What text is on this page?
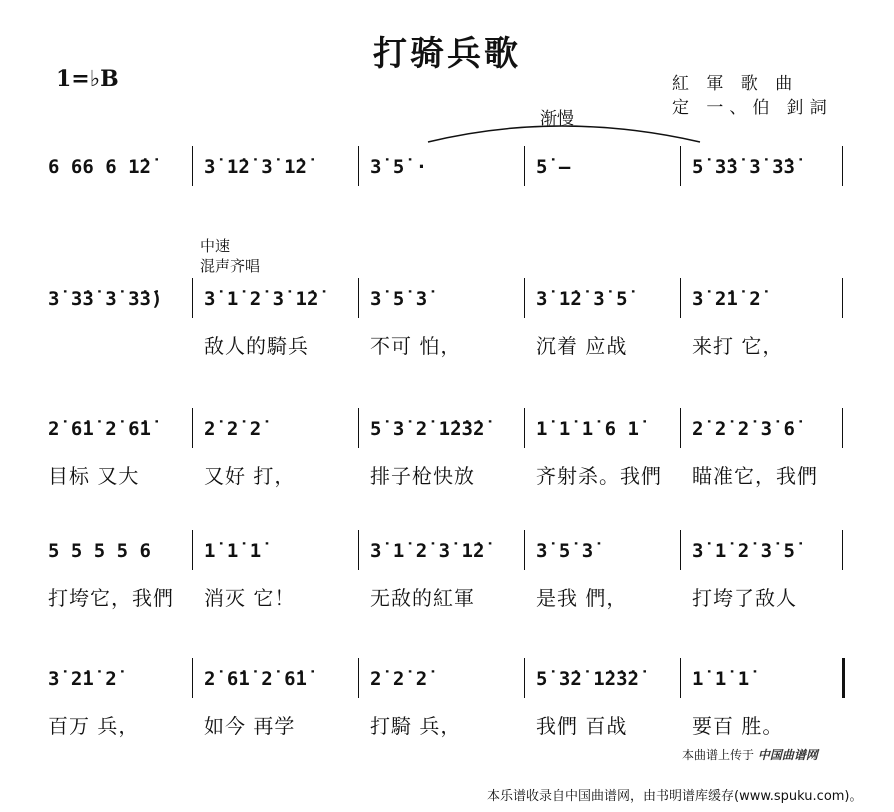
打骑兵歌
1=♭B	紅 軍 歌 曲
定 一、伯 釗詞
渐慢
中速
混声齐唱
6 66 6 1̇2̇	3̇ 1̇2̇ 3̇ 1̇2̇	3̇ 5̇ ·	5̇ –	5̇ 3̇3̇ 3̇ 3̇3̇
3̇ 3̇3̇ 3̇ 3̇3̇)	3̇ 1̇ 2̇ 3̇ 1̇2̇
敌人的騎兵
3̇ 5̇ 3̇
不可 怕，
3̇ 1̇2̇ 3̇ 5̇
沉着 应战
3̇ 2̇1̇ 2̇
来打 它，
2̇ 6̇1̇ 2̇ 6̇1̇
目标 又大
2̇ 2̇ 2̇
又好 打，
5̇ 3̇ 2̇ 1̇2̇3̇2̇
排子枪快放
1̇ 1̇ 1̇ 6 1̇
齐射杀。我們
2̇ 2̇ 2̇ 3̇ 6̇
瞄准它，我們
5 5 5 5 6
打垮它，我們
1̇ 1̇ 1̇
消灭 它！
3̇ 1̇ 2̇ 3̇ 1̇2̇
无敌的紅軍
3̇ 5̇ 3̇
是我 們，
3̇ 1̇ 2̇ 3̇ 5̇
打垮了敌人
3̇ 2̇1̇ 2̇
百万 兵，
2̇ 6̇1̇ 2̇ 6̇1̇
如今 再学
2̇ 2̇ 2̇
打騎 兵，
5̇ 3̇2̇ 1̇2̇3̇2̇
我們 百战
1̇ 1̇ 1̇
要百 胜。
本曲谱上传于 中国曲谱网
本乐谱收录自中国曲谱网，由书明谱库缓存(www.spuku.com)。
